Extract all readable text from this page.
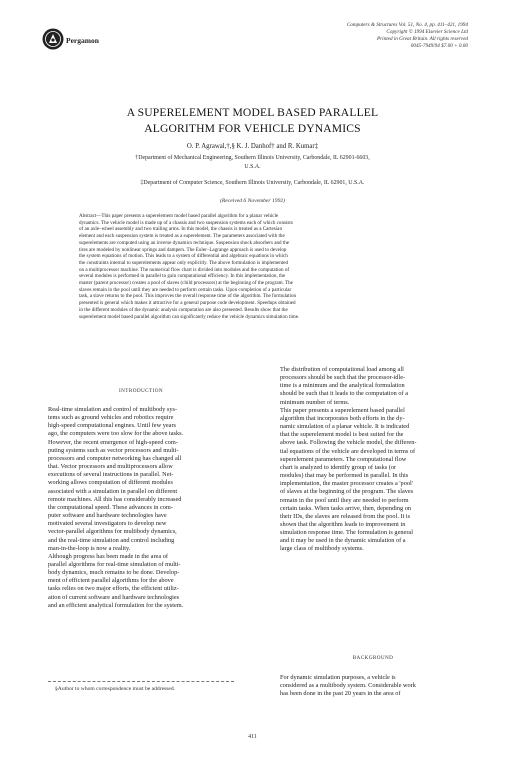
Pergamon
Computers & Structures Vol. 51, No. 4, pp. 411–421, 1994
Copyright © 1994 Elsevier Science Ltd
Printed in Great Britain. All rights reserved
0045-7949/94 $7.00 + 0.00
A SUPERELEMENT MODEL BASED PARALLEL
ALGORITHM FOR VEHICLE DYNAMICS
O. P. Agrawal,†,§ K. J. Danhof† and R. Kumar‡
†Department of Mechanical Engineering, Southern Illinois University, Carbondale, IL 62901-6603,
U.S.A.
‡Department of Computer Science, Southern Illinois University, Carbondale, IL 62901, U.S.A.
(Received 6 November 1992)
Abstract—This paper presents a superelement model based parallel algorithm for a planar vehicle
dynamics. The vehicle model is made up of a chassis and two suspension systems each of which consists
of an axle–wheel assembly and two trailing arms. In this model, the chassis is treated as a Cartesian
element and each suspension system is treated as a superelement. The parameters associated with the
superelements are computed using an inverse dynamics technique. Suspension shock absorbers and the
tires are modeled by nonlinear springs and dampers. The Euler–Lagrange approach is used to develop
the system equations of motion. This leads to a system of differential and algebraic equations in which
the constraints internal to superelements appear only explicitly. The above formulation is implemented
on a multiprocessor machine. The numerical flow chart is divided into modules and the computation of
several modules is performed in parallel to gain computational efficiency. In this implementation, the
master (parent processor) creates a pool of slaves (child processors) at the beginning of the program. The
slaves remain in the pool until they are needed to perform certain tasks. Upon completion of a particular
task, a slave returns to the pool. This improves the overall response time of the algorithm. The formulation
presented is general which makes it attractive for a general purpose code development. Speedups obtained
in the different modules of the dynamic analysis computation are also presented. Results show that the
superelement model based parallel algorithm can significantly reduce the vehicle dynamics simulation time.
INTRODUCTION
Real-time simulation and control of multibody sys-
tems such as ground vehicles and robotics require
high-speed computational engines. Until few years
ago, the computers were too slow for the above tasks.
However, the recent emergence of high-speed com-
puting systems such as vector processors and multi-
processors and computer networking has changed all
that. Vector processors and multiprocessors allow
executions of several instructions in parallel. Net-
working allows computation of different modules
associated with a simulation in parallel on different
remote machines. All this has considerably increased
the computational speed. These advances in com-
puter software and hardware technologies have
motivated several investigators to develop new
vector-parallel algorithms for multibody dynamics,
and the real-time simulation and control including
man-in-the-loop is now a reality.
Although progress has been made in the area of
parallel algorithms for real-time simulation of multi-
body dynamics, much remains to be done. Develop-
ment of efficient parallel algorithms for the above
tasks relies on two major efforts, the efficient utiliz-
ation of current software and hardware technologies
and an efficient analytical formulation for the system.
The distribution of computational load among all
processors should be such that the processor-idle-
time is a minimum and the analytical formulation
should be such that it leads to the computation of a
minimum number of terms.
This paper presents a superelement based parallel
algorithm that incorporates both efforts in the dy-
namic simulation of a planar vehicle. It is indicated
that the superelement model is best suited for the
above task. Following the vehicle model, the differen-
tial equations of the vehicle are developed in terms of
superelement parameters. The computational flow
chart is analyzed to identify group of tasks (or
modules) that may be performed in parallel. In this
implementation, the master processor creates a 'pool'
of slaves at the beginning of the program. The slaves
remain in the pool until they are needed to perform
certain tasks. When tasks arrive, then, depending on
their IDs, the slaves are released from the pool. It is
shown that the algorithm leads to improvement in
simulation response time. The formulation is general
and it may be used in the dynamic simulation of a
large class of multibody systems.
BACKGROUND
For dynamic simulation purposes, a vehicle is
considered as a multibody system. Considerable work
has been done in the past 20 years in the area of
§Author to whom correspondence must be addressed.
411
